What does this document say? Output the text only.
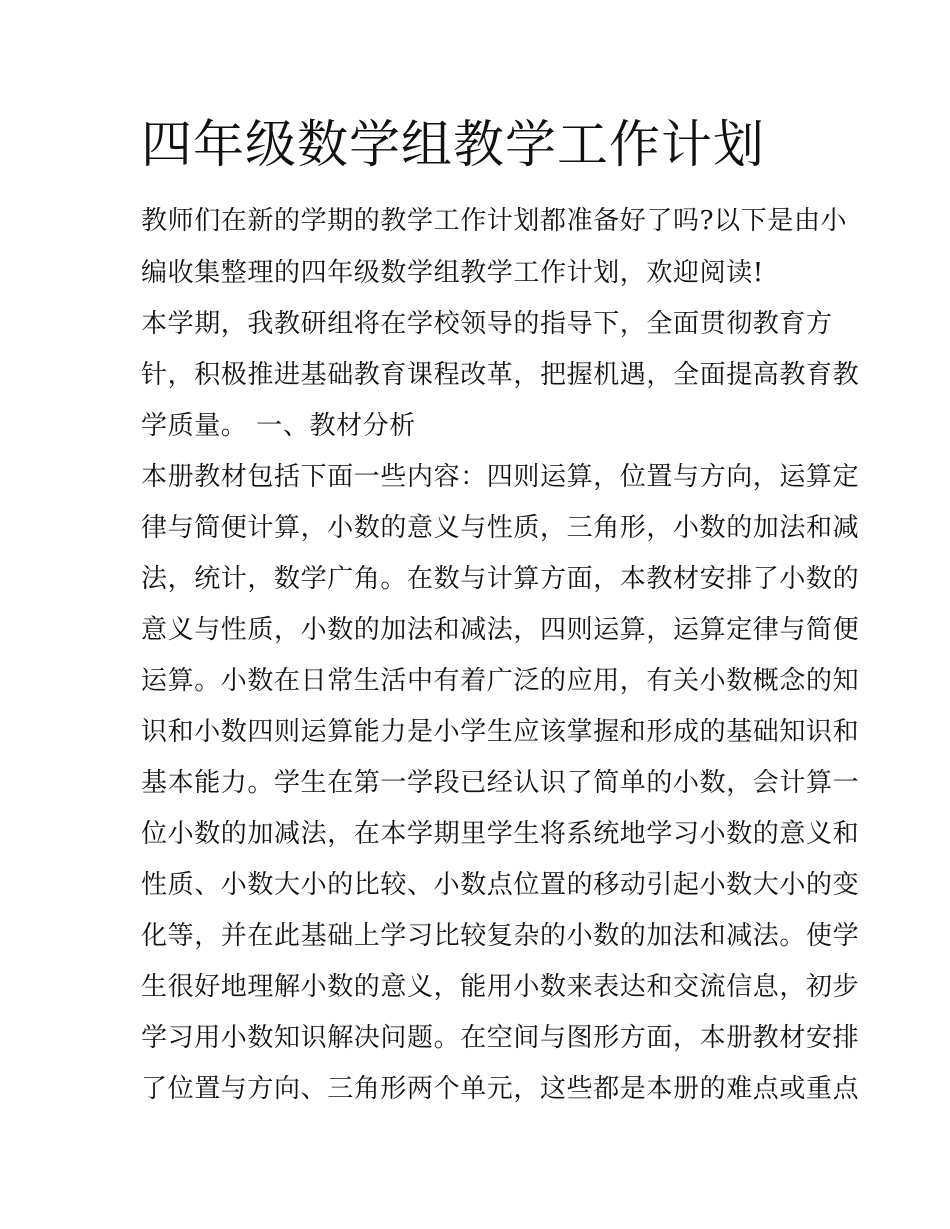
四年级数学组教学工作计划
教师们在新的学期的教学工作计划都准备好了吗?以下是由小
编收集整理的四年级数学组教学工作计划，欢迎阅读!
本学期，我教研组将在学校领导的指导下，全面贯彻教育方
针，积极推进基础教育课程改革，把握机遇，全面提高教育教
学质量。 一、教材分析
本册教材包括下面一些内容：四则运算，位置与方向，运算定
律与简便计算，小数的意义与性质，三角形，小数的加法和减
法，统计，数学广角。在数与计算方面，本教材安排了小数的
意义与性质，小数的加法和减法，四则运算，运算定律与简便
运算。小数在日常生活中有着广泛的应用，有关小数概念的知
识和小数四则运算能力是小学生应该掌握和形成的基础知识和
基本能力。学生在第一学段已经认识了简单的小数，会计算一
位小数的加减法，在本学期里学生将系统地学习小数的意义和
性质、小数大小的比较、小数点位置的移动引起小数大小的变
化等，并在此基础上学习比较复杂的小数的加法和减法。使学
生很好地理解小数的意义，能用小数来表达和交流信息，初步
学习用小数知识解决问题。在空间与图形方面，本册教材安排
了位置与方向、三角形两个单元，这些都是本册的难点或重点
